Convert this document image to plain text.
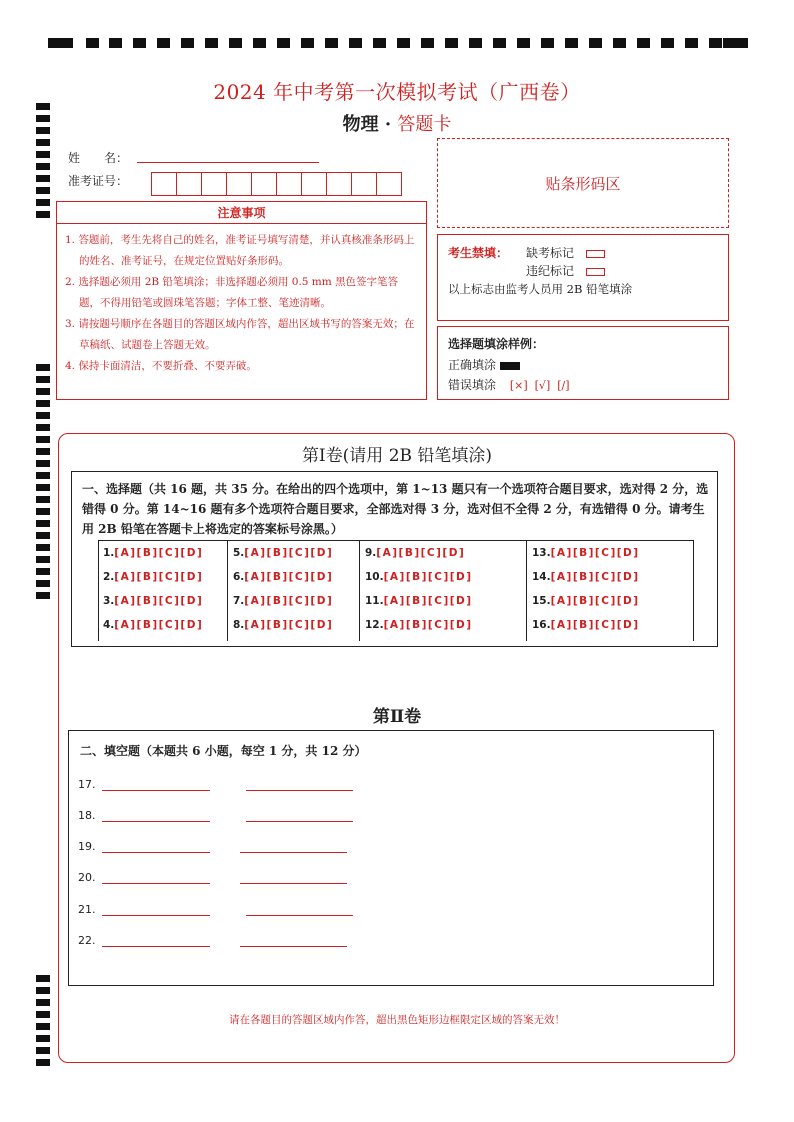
2024 年中考第一次模拟考试（广西卷）
物理 · 答题卡
姓　　名：
准考证号：	贴条形码区
注意事项
1. 答题前，考生先将自己的姓名，准考证号填写清楚，并认真核准条形码上的姓名、准考证号，在规定位置贴好条形码。
2. 选择题必须用 2B 铅笔填涂；非选择题必须用 0.5 mm 黑色签字笔答题，不得用铅笔或圆珠笔答题；字体工整、笔迹清晰。
3. 请按题号顺序在各题目的答题区域内作答，超出区域书写的答案无效；在草稿纸、试题卷上答题无效。
4. 保持卡面清洁，不要折叠、不要弄破。
考生禁填： 缺考标记
违纪标记
以上标志由监考人员用 2B 铅笔填涂
选择题填涂样例：
正确填涂
错误填涂 [×]  [√]  [/]
第Ⅰ卷(请用 2B 铅笔填涂)
一、选择题（共 16 题，共 35 分。在给出的四个选项中，第 1~13 题只有一个选项符合题目要求，选对得 2 分，选错得 0 分。第 14~16 题有多个选项符合题目要求，全部选对得 3 分，选对但不全得 2 分，有选错得 0 分。请考生用 2B 铅笔在答题卡上将选定的答案标号涂黑。）
1.[A][B][C][D]
2.[A][B][C][D]
3.[A][B][C][D]
4.[A][B][C][D]
5.[A][B][C][D]
6.[A][B][C][D]
7.[A][B][C][D]
8.[A][B][C][D]
9.[A][B][C][D]
10.[A][B][C][D]
11.[A][B][C][D]
12.[A][B][C][D]
13.[A][B][C][D]
14.[A][B][C][D]
15.[A][B][C][D]
16.[A][B][C][D]
第Ⅱ卷
二、填空题（本题共 6 小题，每空 1 分，共 12 分）
17.
18.
19.
20.
21.
22.
请在各题目的答题区域内作答，超出黑色矩形边框限定区域的答案无效！
